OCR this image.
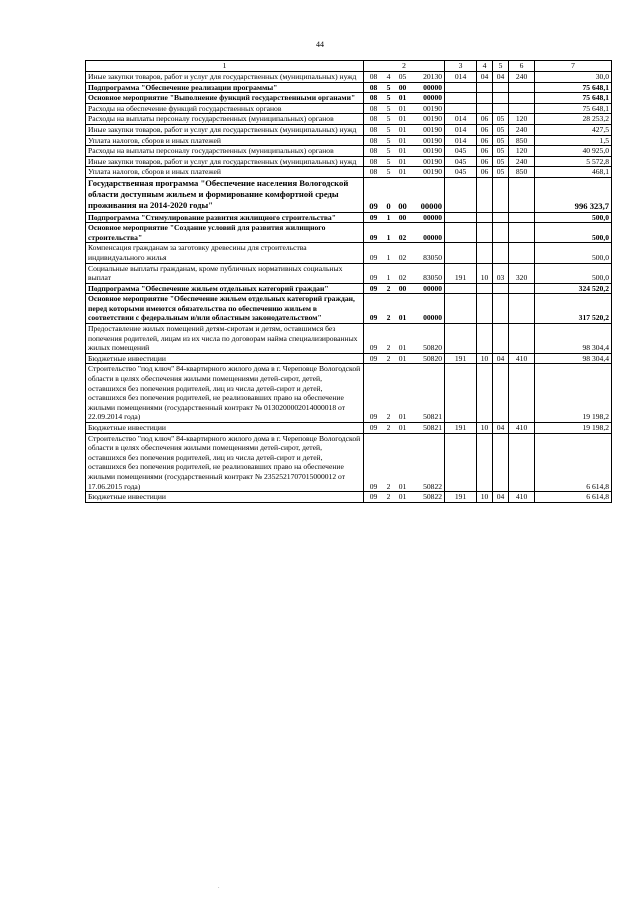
44
1	2				3	4	5	6	7
Иные закупки товаров, работ и услуг для государственных (муниципальных) нужд	08	4	05	20130	014	04	04	240	30,0
Подпрограмма "Обеспечение реализации программы"	08	5	00	00000					75 648,1
Основное мероприятие "Выполнение функций государственными органами"	08	5	01	00000					75 648,1
Расходы на обеспечение функций государственных органов	08	5	01	00190					75 648,1
Расходы на выплаты персоналу государственных (муниципальных) органов	08	5	01	00190	014	06	05	120	28 253,2
Иные закупки товаров, работ и услуг для государственных (муниципальных) нужд	08	5	01	00190	014	06	05	240	427,5
Уплата налогов, сборов и иных платежей	08	5	01	00190	014	06	05	850	1,5
Расходы на выплаты персоналу государственных (муниципальных) органов	08	5	01	00190	045	06	05	120	40 925,0
Иные закупки товаров, работ и услуг для государственных (муниципальных) нужд	08	5	01	00190	045	06	05	240	5 572,8
Уплата налогов, сборов и иных платежей	08	5	01	00190	045	06	05	850	468,1
Государственная программа "Обеспечение населения Вологодской области доступным жильем и формирование комфортной среды проживания на 2014-2020 годы"	09	0	00	00000					996 323,7
Подпрограмма "Стимулирование развития жилищного строительства"	09	1	00	00000					500,0
Основное мероприятие "Создание условий для развития жилищного строительства"	09	1	02	00000					500,0
Компенсация гражданам за заготовку древесины для строительства индивидуального жилья	09	1	02	83050					500,0
Социальные выплаты гражданам, кроме публичных нормативных социальных выплат	09	1	02	83050	191	10	03	320	500,0
Подпрограмма "Обеспечение жильем отдельных категорий граждан"	09	2	00	00000					324 520,2
Основное мероприятие "Обеспечение жильем отдельных категорий граждан, перед которыми имеются обязательства по обеспечению жильем в соответствии с федеральным и/или областным законодательством"	09	2	01	00000					317 520,2
Предоставление жилых помещений детям-сиротам и детям, оставшимся без попечения родителей, лицам из их числа по договорам найма специализированных жилых помещений	09	2	01	50820					98 304,4
Бюджетные инвестиции	09	2	01	50820	191	10	04	410	98 304,4
Строительство "под ключ" 84-квартирного жилого дома в г. Череповце Вологодской области в целях обеспечения жилыми помещениями детей-сирот, детей, оставшихся без попечения родителей, лиц из числа детей-сирот и детей, оставшихся без попечения родителей, не реализовавших право на обеспечение жилыми помещениями (государственный контракт № 0130200002014000018 от 22.09.2014 года)	09	2	01	50821					19 198,2
Бюджетные инвестиции	09	2	01	50821	191	10	04	410	19 198,2
Строительство "под ключ" 84-квартирного жилого дома в г. Череповце Вологодской области в целях обеспечения жилыми помещениями детей-сирот, детей, оставшихся без попечения родителей, лиц из числа детей-сирот и детей, оставшихся без попечения родителей, не реализовавших право на обеспечение жилыми помещениями (государственный контракт № 2352521707015000012 от 17.06.2015 года)	09	2	01	50822					6 614,8
Бюджетные инвестиции	09	2	01	50822	191	10	04	410	6 614,8
.
